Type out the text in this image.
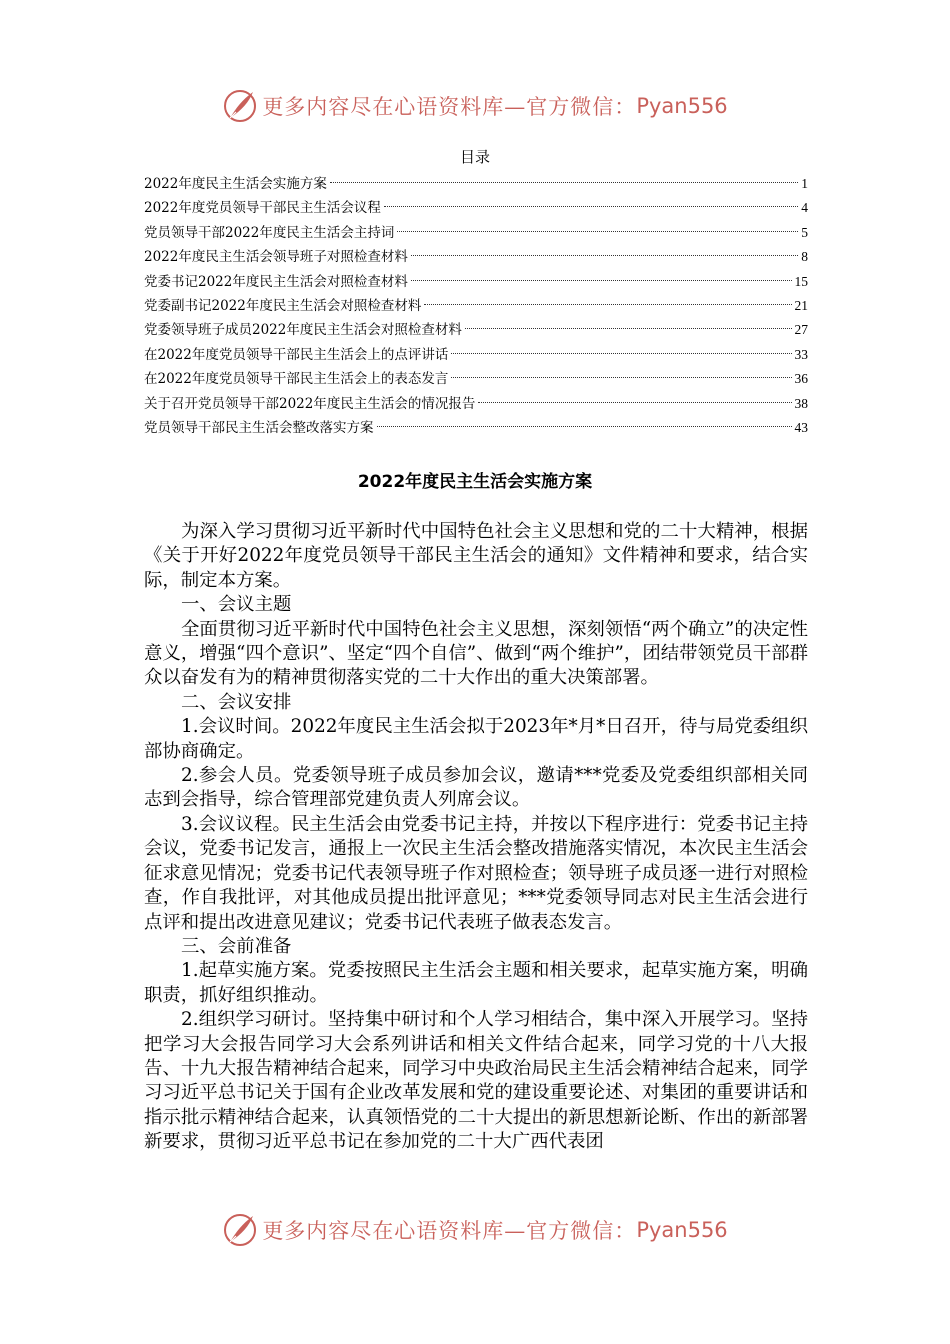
更多内容尽在心语资料库—官方微信： Pyan556
目录
2022年度民主生活会实施方案	1
2022年度党员领导干部民主生活会议程	4
党员领导干部2022年度民主生活会主持词	5
2022年度民主生活会领导班子对照检查材料	8
党委书记2022年度民主生活会对照检查材料	15
党委副书记2022年度民主生活会对照检查材料	21
党委领导班子成员2022年度民主生活会对照检查材料	27
在2022年度党员领导干部民主生活会上的点评讲话	33
在2022年度党员领导干部民主生活会上的表态发言	36
关于召开党员领导干部2022年度民主生活会的情况报告	38
党员领导干部民主生活会整改落实方案	43
2022年度民主生活会实施方案

为深入学习贯彻习近平新时代中国特色社会主义思想和党的二十大精神，根据《关于开好2022年度党员领导干部民主生活会的通知》文件精神和要求，结合实际，制定本方案。

一、会议主题

全面贯彻习近平新时代中国特色社会主义思想，深刻领悟“两个确立”的决定性意义，增强“四个意识”、坚定“四个自信”、做到“两个维护”，团结带领党员干部群众以奋发有为的精神贯彻落实党的二十大作出的重大决策部署。

二、会议安排

1.会议时间。2022年度民主生活会拟于2023年*月*日召开，待与局党委组织部协商确定。

2.参会人员。党委领导班子成员参加会议，邀请***党委及党委组织部相关同志到会指导，综合管理部党建负责人列席会议。

3.会议议程。民主生活会由党委书记主持，并按以下程序进行：党委书记主持会议，党委书记发言，通报上一次民主生活会整改措施落实情况，本次民主生活会征求意见情况；党委书记代表领导班子作对照检查；领导班子成员逐一进行对照检查，作自我批评，对其他成员提出批评意见；***党委领导同志对民主生活会进行点评和提出改进意见建议；党委书记代表班子做表态发言。

三、会前准备

1.起草实施方案。党委按照民主生活会主题和相关要求，起草实施方案，明确职责，抓好组织推动。

2.组织学习研讨。坚持集中研讨和个人学习相结合，集中深入开展学习。坚持把学习大会报告同学习大会系列讲话和相关文件结合起来，同学习党的十八大报告、十九大报告精神结合起来，同学习中央政治局民主生活会精神结合起来，同学习习近平总书记关于国有企业改革发展和党的建设重要论述、对集团的重要讲话和指示批示精神结合起来，认真领悟党的二十大提出的新思想新论断、作出的新部署新要求，贯彻习近平总书记在参加党的二十大广西代表团

更多内容尽在心语资料库—官方微信： Pyan556
